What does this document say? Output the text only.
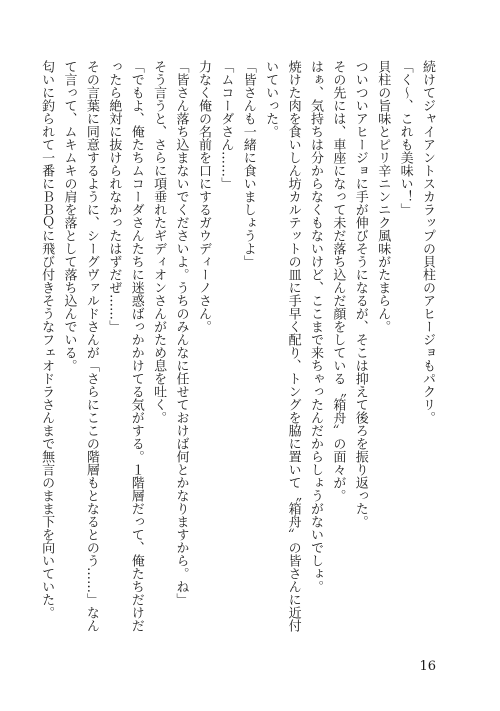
続けてジャイアントスカラップの貝柱のアヒージョもパクリ。

「く〜、これも美味い！」

貝柱の旨味とピリ辛ニンニク風味がたまらん。

ついついアヒージョに手が伸びそうになるが、そこは抑えて後ろを振り返った。

その先には、車座になって未だ落ち込んだ顔をしている〝箱舟〟の面々が。

はぁ、気持ちは分からなくもないけど、ここまで来ちゃったんだからしょうがないでしょ。

焼けた肉を食いしん坊カルテットの皿に手早く配り、トングを脇に置いて〝箱舟〟の皆さんに近付いていった。

「皆さんも一緒に食いましょうよ」

「ムコーダさん……」

力なく俺の名前を口にするガウディーノさん。

「皆さん落ち込まないでくださいよ。うちのみんなに任せておけば何とかなりますから。ね」

そう言うと、さらに項垂れたギディオンさんがため息を吐く。

「でもよ、俺たちムコーダさんたちに迷惑ばっかかけてる気がする。１階層だって、俺たちだけだったら絶対に抜けられなかったはずだぜ……」

その言葉に同意するように、シーグヴァルドさんが「さらにここの階層もとなるとのう……」なんて言って、ムキムキの肩を落として落ち込んでいる。

匂いに釣られて一番にＢＢＱに飛び付きそうなフェオドラさんまで無言のまま下を向いていた。

16
